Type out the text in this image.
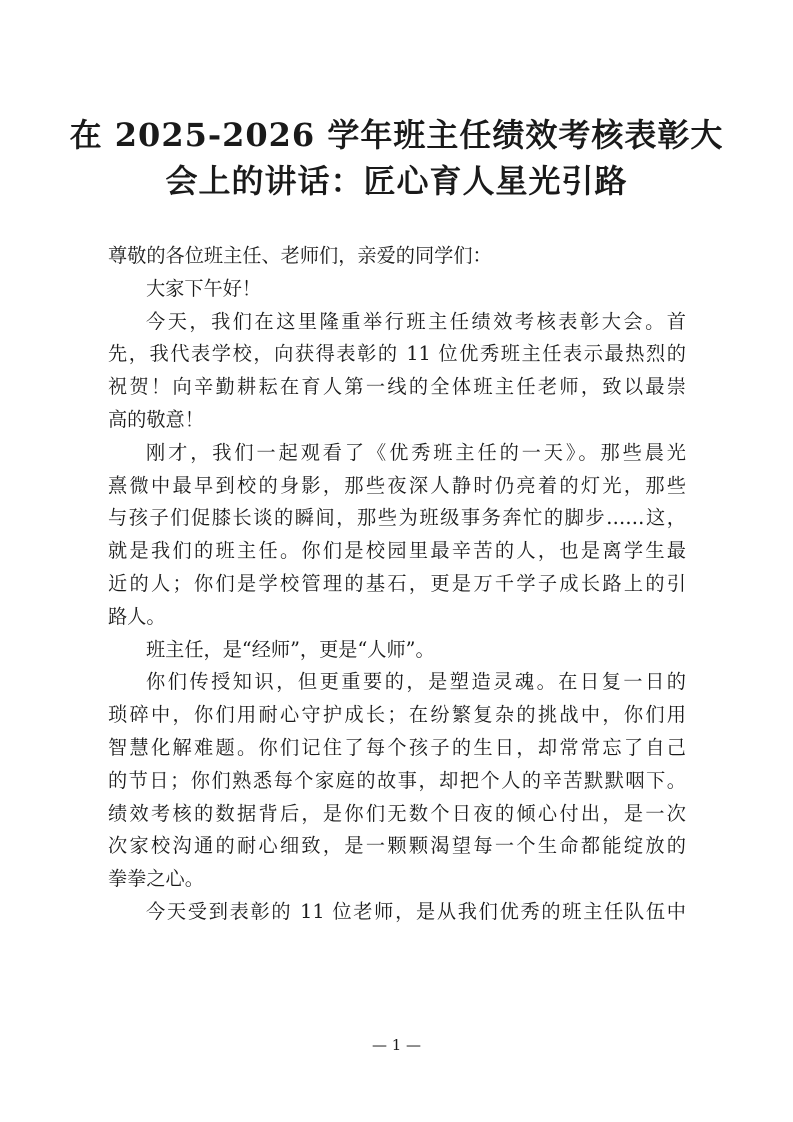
在 2025-2026 学年班主任绩效考核表彰大
会上的讲话：匠心育人星光引路
尊敬的各位班主任、老师们，亲爱的同学们：
大家下午好！
今天，我们在这里隆重举行班主任绩效考核表彰大会。首
先，我代表学校，向获得表彰的 11 位优秀班主任表示最热烈的
祝贺！向辛勤耕耘在育人第一线的全体班主任老师，致以最崇
高的敬意！
刚才，我们一起观看了《优秀班主任的一天》。那些晨光
熹微中最早到校的身影，那些夜深人静时仍亮着的灯光，那些
与孩子们促膝长谈的瞬间，那些为班级事务奔忙的脚步……这，
就是我们的班主任。你们是校园里最辛苦的人，也是离学生最
近的人；你们是学校管理的基石，更是万千学子成长路上的引
路人。
班主任，是“经师”，更是“人师”。
你们传授知识，但更重要的，是塑造灵魂。在日复一日的
琐碎中，你们用耐心守护成长；在纷繁复杂的挑战中，你们用
智慧化解难题。你们记住了每个孩子的生日，却常常忘了自己
的节日；你们熟悉每个家庭的故事，却把个人的辛苦默默咽下。
绩效考核的数据背后，是你们无数个日夜的倾心付出，是一次
次家校沟通的耐心细致，是一颗颗渴望每一个生命都能绽放的
拳拳之心。
今天受到表彰的 11 位老师，是从我们优秀的班主任队伍中
— 1 —
